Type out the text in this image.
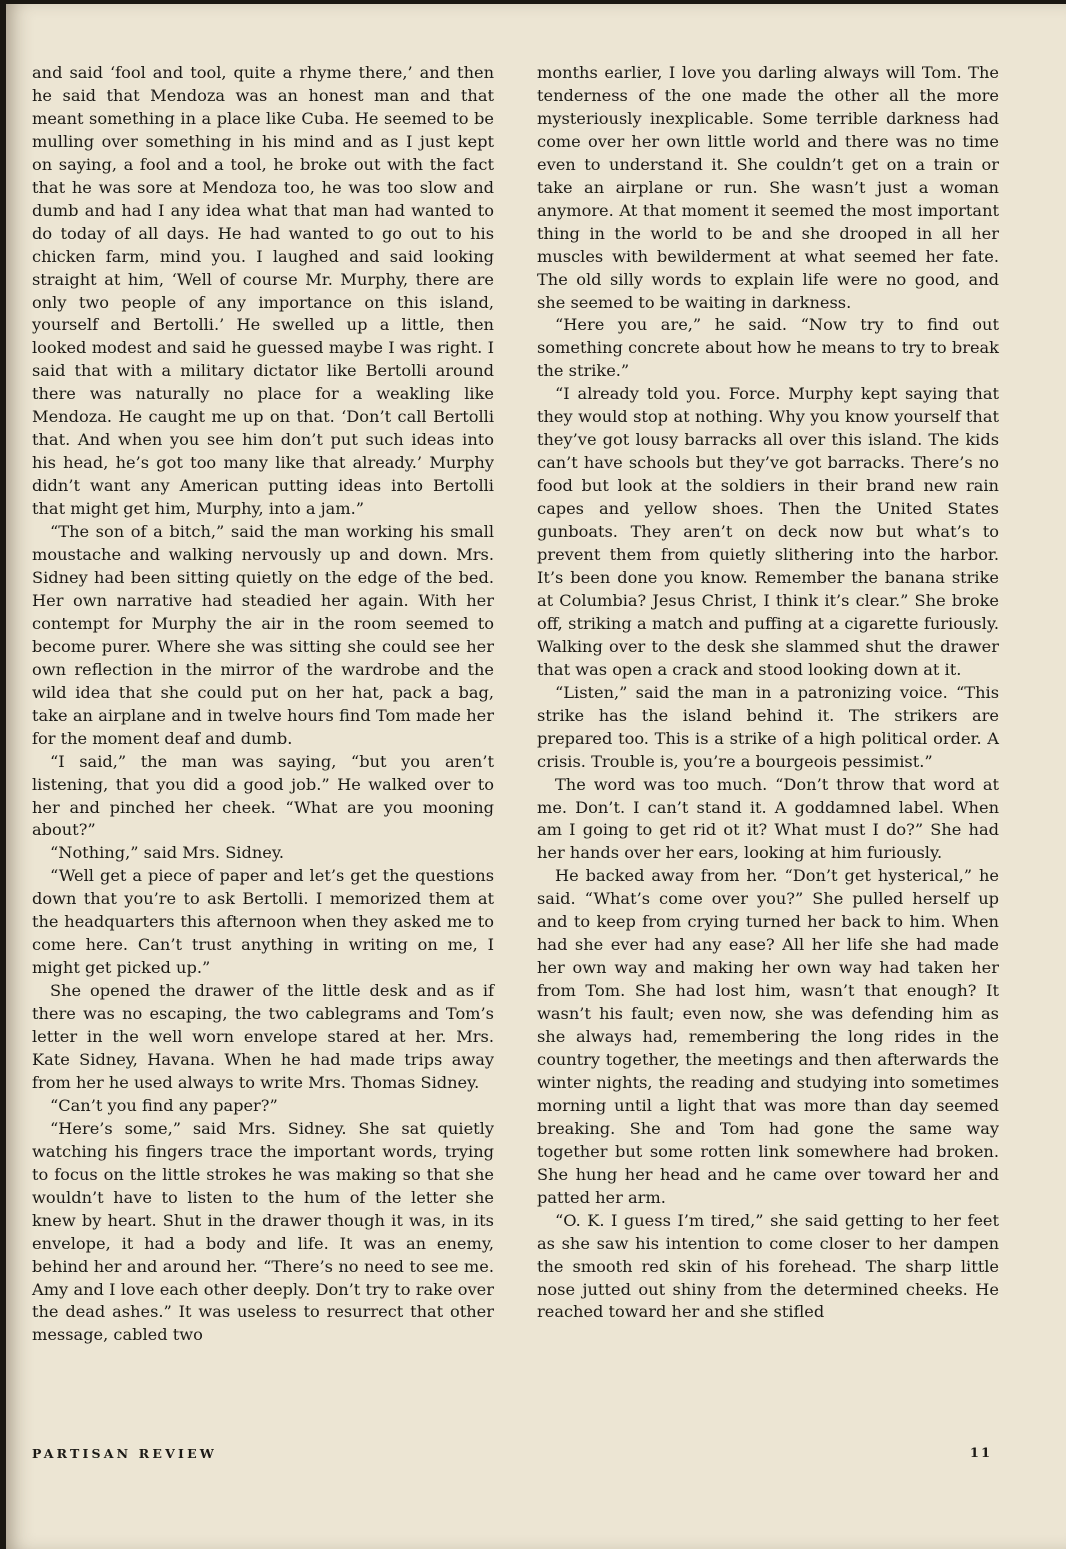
and said ‘fool and tool, quite a rhyme there,’ and then he said that Mendoza was an honest man and that meant something in a place like Cuba. He seemed to be mulling over something in his mind and as I just kept on saying, a fool and a tool, he broke out with the fact that he was sore at Mendoza too, he was too slow and dumb and had I any idea what that man had wanted to do today of all days. He had wanted to go out to his chicken farm, mind you. I laughed and said looking straight at him, ‘Well of course Mr. Murphy, there are only two people of any importance on this island, yourself and Bertolli.’ He swelled up a little, then looked modest and said he guessed maybe I was right. I said that with a military dictator like Bertolli around there was naturally no place for a weakling like Mendoza. He caught me up on that. ‘Don’t call Bertolli that. And when you see him don’t put such ideas into his head, he’s got too many like that already.’ Murphy didn’t want any American putting ideas into Bertolli that might get him, Murphy, into a jam.”

“The son of a bitch,” said the man working his small moustache and walking nervously up and down. Mrs. Sidney had been sitting quietly on the edge of the bed. Her own narrative had steadied her again. With her contempt for Murphy the air in the room seemed to become purer. Where she was sitting she could see her own reflection in the mirror of the wardrobe and the wild idea that she could put on her hat, pack a bag, take an airplane and in twelve hours find Tom made her for the moment deaf and dumb.

“I said,” the man was saying, “but you aren’t listening, that you did a good job.” He walked over to her and pinched her cheek. “What are you mooning about?”

“Nothing,” said Mrs. Sidney.

“Well get a piece of paper and let’s get the questions down that you’re to ask Bertolli. I memorized them at the headquarters this afternoon when they asked me to come here. Can’t trust anything in writing on me, I might get picked up.”

She opened the drawer of the little desk and as if there was no escaping, the two cablegrams and Tom’s letter in the well worn envelope stared at her. Mrs. Kate Sidney, Havana. When he had made trips away from her he used always to write Mrs. Thomas Sidney.

“Can’t you find any paper?”

“Here’s some,” said Mrs. Sidney. She sat quietly watching his fingers trace the important words, trying to focus on the little strokes he was making so that she wouldn’t have to listen to the hum of the letter she knew by heart. Shut in the drawer though it was, in its envelope, it had a body and life. It was an enemy, behind her and around her. “There’s no need to see me. Amy and I love each other deeply. Don’t try to rake over the dead ashes.” It was useless to resurrect that other message, cabled two

months earlier, I love you darling always will Tom. The tenderness of the one made the other all the more mysteriously inexplicable. Some terrible darkness had come over her own little world and there was no time even to understand it. She couldn’t get on a train or take an airplane or run. She wasn’t just a woman anymore. At that moment it seemed the most important thing in the world to be and she drooped in all her muscles with bewilderment at what seemed her fate. The old silly words to explain life were no good, and she seemed to be waiting in darkness.

“Here you are,” he said. “Now try to find out something concrete about how he means to try to break the strike.”

“I already told you. Force. Murphy kept saying that they would stop at nothing. Why you know yourself that they’ve got lousy barracks all over this island. The kids can’t have schools but they’ve got barracks. There’s no food but look at the soldiers in their brand new rain capes and yellow shoes. Then the United States gunboats. They aren’t on deck now but what’s to prevent them from quietly slithering into the harbor. It’s been done you know. Remember the banana strike at Columbia? Jesus Christ, I think it’s clear.” She broke off, striking a match and puffing at a cigarette furiously. Walking over to the desk she slammed shut the drawer that was open a crack and stood looking down at it.

“Listen,” said the man in a patronizing voice. “This strike has the island behind it. The strikers are prepared too. This is a strike of a high political order. A crisis. Trouble is, you’re a bourgeois pessimist.”

The word was too much. “Don’t throw that word at me. Don’t. I can’t stand it. A goddamned label. When am I going to get rid ot it? What must I do?” She had her hands over her ears, looking at him furiously.

He backed away from her. “Don’t get hysterical,” he said. “What’s come over you?” She pulled herself up and to keep from crying turned her back to him. When had she ever had any ease? All her life she had made her own way and making her own way had taken her from Tom. She had lost him, wasn’t that enough? It wasn’t his fault; even now, she was defending him as she always had, remembering the long rides in the country together, the meetings and then afterwards the winter nights, the reading and studying into sometimes morning until a light that was more than day seemed breaking. She and Tom had gone the same way together but some rotten link somewhere had broken. She hung her head and he came over toward her and patted her arm.

“O. K. I guess I’m tired,” she said getting to her feet as she saw his intention to come closer to her dampen the smooth red skin of his forehead. The sharp little nose jutted out shiny from the determined cheeks. He reached toward her and she stifled

PARTISAN REVIEW	11
